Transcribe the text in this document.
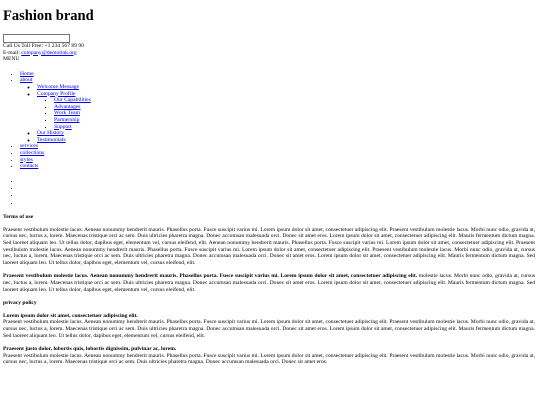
Fashion brand
Call Us Toll Free: +1 234 567 89 90
E-mail: company@demolink.org
MENU
• Home
• about
◦ Welcome Message
◦ Company Profile
▪ Our Capabilities
▪ Advantages
▪ Work Team
▪ Partnership
▪ Support
◦ Our History
◦ Testimonials
• services
• collections
• styles
• contacts
•
•
•
•
Terms of use

Praesent vestibulum molestie lacus. Aenean nonummy hendrerit mauris. Phasellus porta. Fusce suscipit varius mi. Lorem ipsum dolor sit amet, consectetuer adipiscing elit. Praesent vestibulum molestie lacus. Morbi nunc odio, gravida at, cursus nec, luctus a, lorem. Maecenas tristique orci ac sem. Duis ultricies pharetra magna. Donec accumsan malesuada orci. Donec sit amet eros. Lorem ipsum dolor sit amet, consectetuer adipiscing elit. Mauris fermentum dictum magna. Sed laoreet aliquam leo. Ut tellus dolor, dapibus eget, elementum vel, cursus eleifend, elit. Aenean nonummy hendrerit mauris. Phasellus porta. Fusce suscipit varius mi. Lorem ipsum dolor sit amet, consectetuer adipiscing elit. Praesent vestibulum molestie lacus. Aenean nonummy hendrerit mauris. Phasellus porta. Fusce suscipit varius mi. Lorem ipsum dolor sit amet, consectetuer adipiscing elit. Praesent vestibulum molestie lacus. Morbi nunc odio, gravida at, cursus nec, luctus a, lorem. Maecenas tristique orci ac sem. Duis ultricies pharetra magna. Donec accumsan malesuada orci. Donec sit amet eros. Lorem ipsum dolor sit amet, consectetuer adipiscing elit. Mauris fermentum dictum magna. Sed laoreet aliquam leo. Ut tellus dolor, dapibus eget, elementum vel, cursus eleifend, elit.

Praesent vestibulum molestie lacus. Aenean nonummy hendrerit mauris. Phasellus porta. Fusce suscipit varius mi. Lorem ipsum dolor sit amet, consectetuer adipiscing elit. molestie lacus. Morbi nunc odio, gravida at, cursus nec, luctus a, lorem. Maecenas tristique orci ac sem. Duis ultricies pharetra magna. Donec accumsan malesuada orci. Donec sit amet eros. Lorem ipsum dolor sit amet, consectetuer adipiscing elit. Mauris fermentum dictum magna. Sed laoreet aliquam leo. Ut tellus dolor, dapibus eget, elementum vel, cursus eleifend, elit.

privacy policy

Lorem ipsum dolor sit amet, consectetuer adipiscing elit.
Praesent vestibulum molestie lacus. Aenean nonummy hendrerit mauris. Phasellus porta. Fusce suscipit varius mi. Lorem ipsum dolor sit amet, consectetuer adipiscing elit. Praesent vestibulum molestie lacus. Morbi nunc odio, gravida at, cursus nec, luctus a, lorem. Maecenas tristique orci ac sem. Duis ultricies pharetra magna. Donec accumsan malesuada orci. Donec sit amet eros. Lorem ipsum dolor sit amet, consectetuer adipiscing elit. Mauris fermentum dictum magna. Sed laoreet aliquam leo. Ut tellus dolor, dapibus eget, elementum vel, cursus eleifend, elit.

Praesent justo dolor, lobortis quis, lobortis dignissim, pulvinar ac, lorem.
Praesent vestibulum molestie lacus. Aenean nonummy hendrerit mauris. Phasellus porta. Fusce suscipit varius mi. Lorem ipsum dolor sit amet, consectetuer adipiscing elit. Praesent vestibulum molestie lacus. Morbi nunc odio, gravida at, cursus nec, luctus a, lorem. Maecenas tristique orci ac sem. Duis ultricies pharetra magna. Donec accumsan malesuada orci. Donec sit amet eros.
